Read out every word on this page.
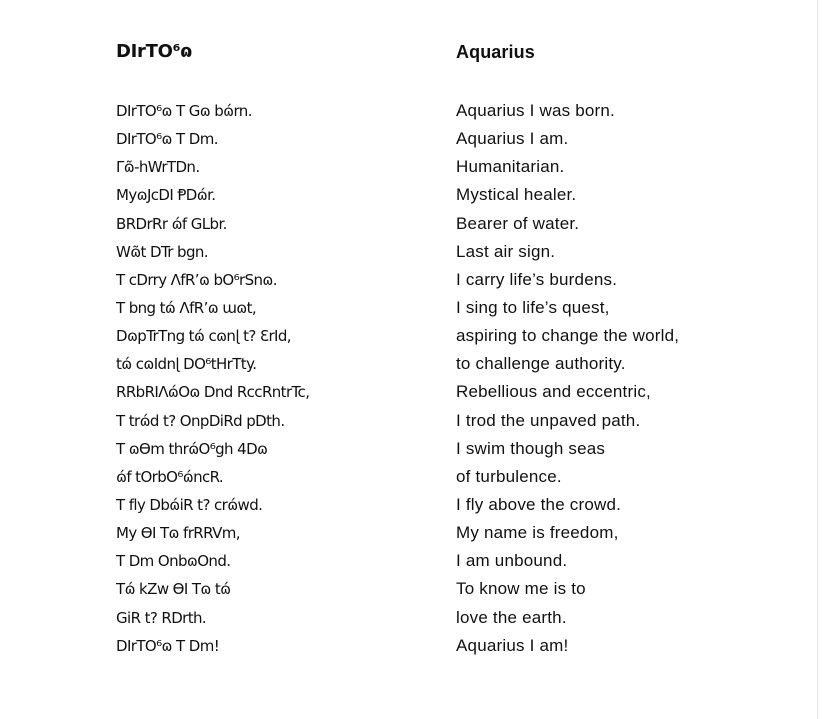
DIrTO⁶ɷ
DIrTO⁶ɷ T Gɷ bɷ́rn.
DIrTO⁶ɷ T Dm.
Γɷ̃-hWrTDn.
MyɷJcDI ⱣDɷ́r.
BRDrRr ɷ́f GLbr.
Wɷ̃t DTr bgn.
T cDrry ɅfR’ɷ bO⁶rSnɷ.
T bng tɷ́ ɅfR’ɷ ɯɷt,
DɷpTrTng tɷ́ cɷnɭ t? ƐrId,
tɷ́ cɷIdnɭ DO⁶tHrTty.
RRbRIɅɷ́Oɷ Dnd RccRntrTc,
T trɷ́d t? OnpDiRd pDth.
T ɷƟm thrɷ́O⁶gh 4Dɷ
ɷ́f tOrbO⁶ɷ́ncR.
T fly Dbɷ́iR t? crɷ́wd.
My ƟI Tɷ frRRVm,
T Dm OnbɷOnd.
Tɷ́ kZw ƟI Tɷ tɷ́
GiR t? RDrth.
DIrTO⁶ɷ T Dm!
Aquarius
Aquarius I was born.
Aquarius I am.
Humanitarian.
Mystical healer.
Bearer of water.
Last air sign.
I carry life’s burdens.
I sing to life’s quest,
aspiring to change the world,
to challenge authority.
Rebellious and eccentric,
I trod the unpaved path.
I swim though seas
of turbulence.
I fly above the crowd.
My name is freedom,
I am unbound.
To know me is to
love the earth.
Aquarius I am!
